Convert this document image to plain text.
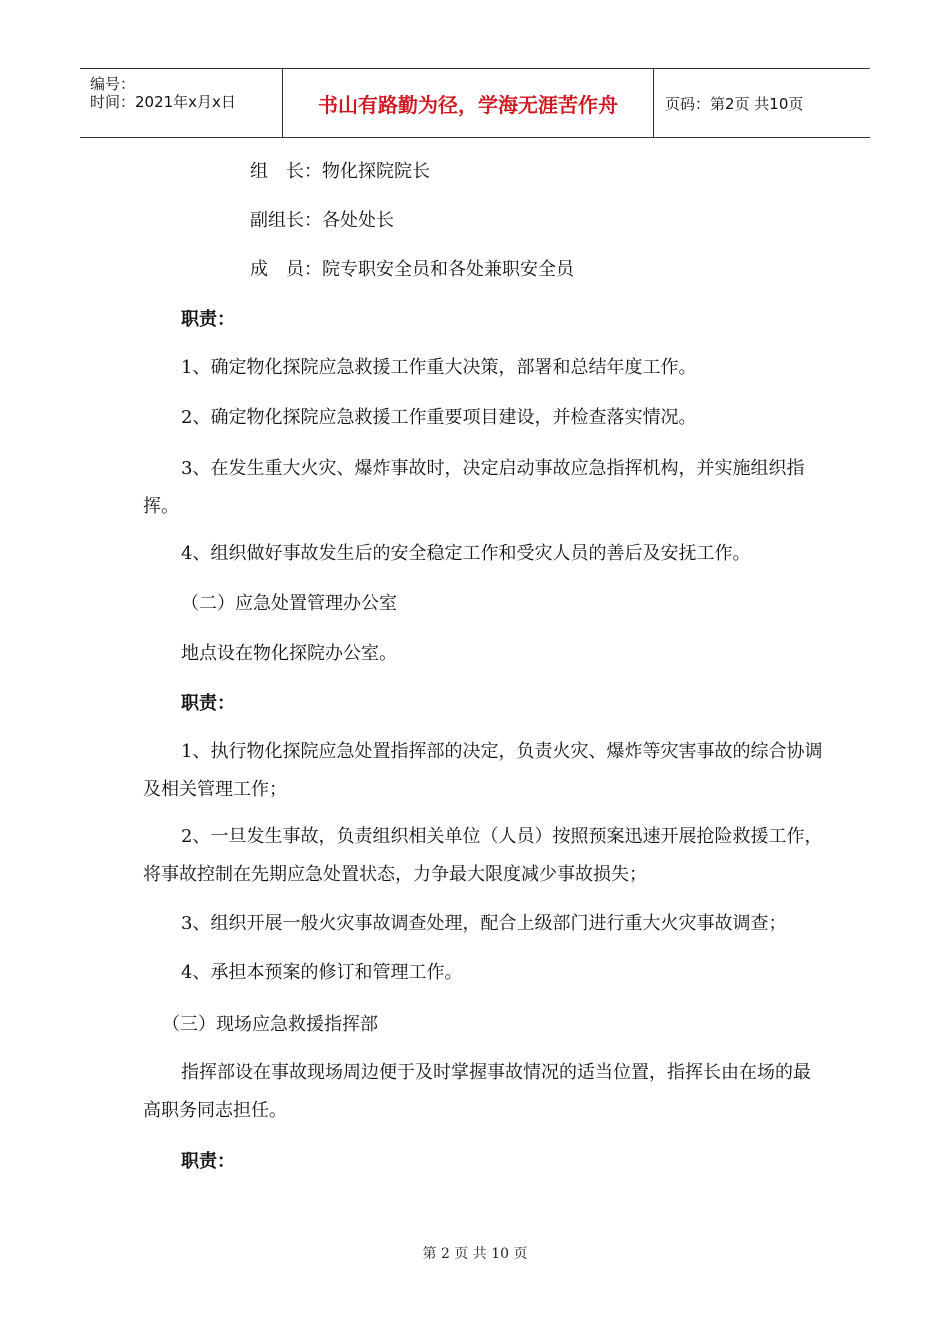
编号：
时间：2021年x月x日	书山有路勤为径，学海无涯苦作舟	页码：第2页 共10页
组　长：物化探院院长
副组长：各处处长
成　员：院专职安全员和各处兼职安全员
职责：
1、确定物化探院应急救援工作重大决策，部署和总结年度工作。
2、确定物化探院应急救援工作重要项目建设，并检查落实情况。
3、在发生重大火灾、爆炸事故时，决定启动事故应急指挥机构，并实施组织指挥。
4、组织做好事故发生后的安全稳定工作和受灾人员的善后及安抚工作。
（二）应急处置管理办公室
地点设在物化探院办公室。
职责：
1、执行物化探院应急处置指挥部的决定，负责火灾、爆炸等灾害事故的综合协调及相关管理工作；
2、一旦发生事故，负责组织相关单位（人员）按照预案迅速开展抢险救援工作，将事故控制在先期应急处置状态，力争最大限度减少事故损失；
3、组织开展一般火灾事故调查处理，配合上级部门进行重大火灾事故调查；
4、承担本预案的修订和管理工作。
（三）现场应急救援指挥部
指挥部设在事故现场周边便于及时掌握事故情况的适当位置，指挥长由在场的最高职务同志担任。
职责：
第 2 页 共 10 页
